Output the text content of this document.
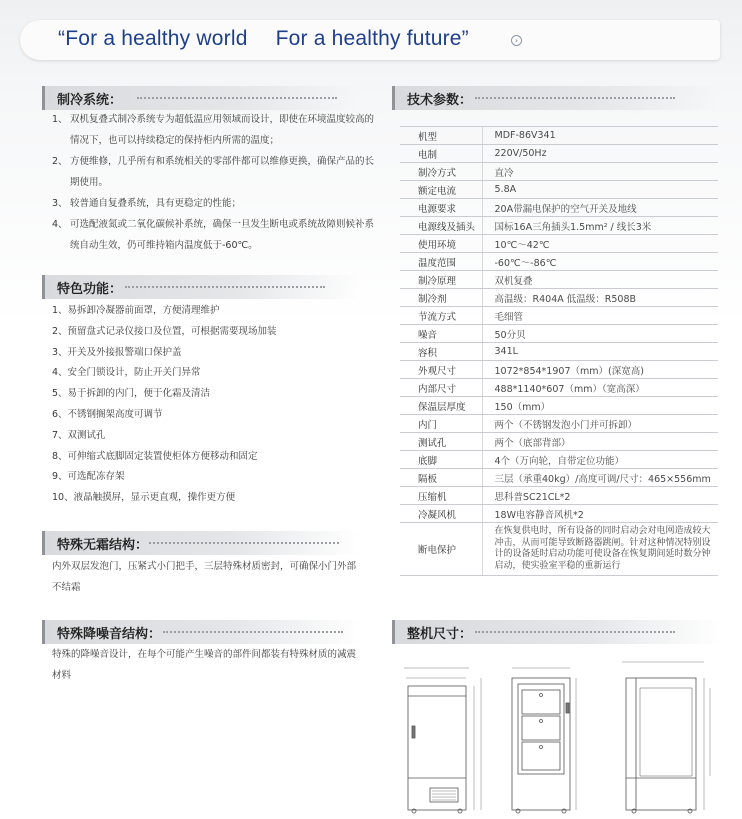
“For a healthy world For a healthy future”	›
制冷系统：

1、 双机复叠式制冷系统专为超低温应用领域而设计，即使在环境温度较高的情况下，也可以持续稳定的保持柜内所需的温度；

2、 方便维修，几乎所有和系统相关的零部件都可以维修更换，确保产品的长期使用。

3、 较普通自复叠系统，具有更稳定的性能；

4、 可选配液氮或二氧化碳候补系统，确保一旦发生断电或系统故障则候补系统自动生效，仍可维持箱内温度低于-60℃。

特色功能：
1、易拆卸冷凝器前面罩，方便清理维护
2、预留盘式记录仪接口及位置，可根据需要现场加装
3、开关及外接报警端口保护盖
4、安全门锁设计，防止开关门异常
5、易于拆卸的内门，便于化霜及清洁
6、不锈钢搁架高度可调节
7、双测试孔
8、可伸缩式底脚固定装置使柜体方便移动和固定
9、可选配冻存架
10、液晶触摸屏，显示更直观，操作更方便
特殊无霜结构：

内外双层发泡门，压紧式小门把手，三层特殊材质密封，可确保小门外部不结霜

特殊降噪音结构：

特殊的降噪音设计，在每个可能产生噪音的部件间都装有特殊材质的减震材料

技术参数：
机型	MDF-86V341
电制	220V/50Hz
制冷方式	直冷
额定电流	5.8A
电源要求	20A带漏电保护的空气开关及地线
电源线及插头	国标16A三角插头1.5mm² / 线长3米
使用环境	10℃～42℃
温度范围	-60℃～-86℃
制冷原理	双机复叠
制冷剂	高温级：R404A 低温级：R508B
节流方式	毛细管
噪音	50分贝
容积	341L
外观尺寸	1072*854*1907（mm）(深宽高)
内部尺寸	488*1140*607（mm）（宽高深）
保温层厚度	150（mm）
内门	两个（不锈钢发泡小门并可拆卸）
测试孔	两个（底部背部）
底脚	4个（万向轮，自带定位功能）
隔板	三层（承重40kg）/高度可调/尺寸：465×556mm
压缩机	思科普SC21CL*2
冷凝风机	18W电容静音风机*2
断电保护	在恢复供电时，所有设备的同时启动会对电网造成较大冲击，从而可能导致断路器跳闸。针对这种情况特别设计的设备延时启动功能可使设备在恢复期间延时数分钟启动，使实验室平稳的重新运行
整机尺寸：
